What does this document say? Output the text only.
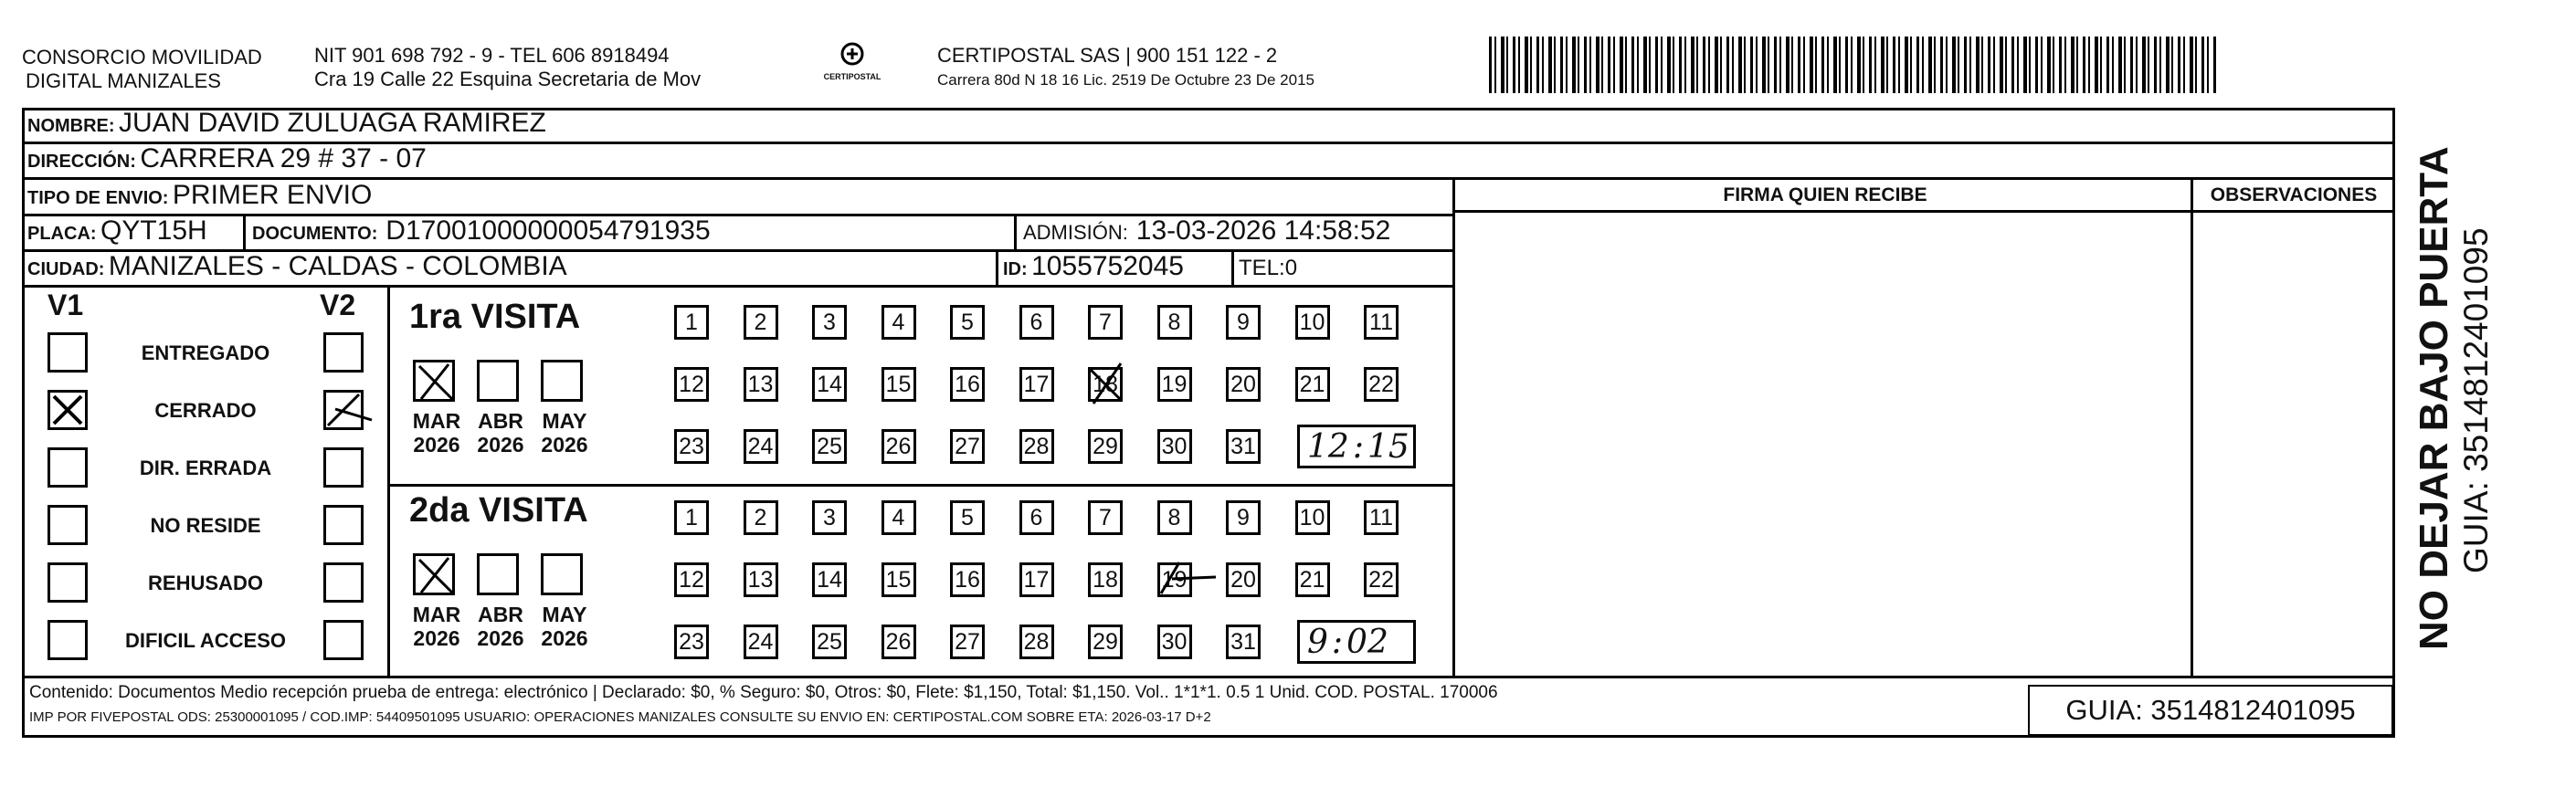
CONSORCIO MOVILIDAD
DIGITAL MANIZALES
NIT 901 698 792 - 9 - TEL 606 8918494
Cra 19 Calle 22 Esquina Secretaria de Mov	CERTIPOSTAL
CERTIPOSTAL SAS | 900 151 122 - 2
Carrera 80d N 18 16 Lic. 2519 De Octubre 23 De 2015
NOMBRE: JUAN DAVID ZULUAGA RAMIREZ
DIRECCIÓN: CARRERA 29 # 37 - 07
TIPO DE ENVIO: PRIMER ENVIO	FIRMA QUIEN RECIBE	OBSERVACIONES
PLACA: QYT15H DOCUMENTO: D17001000000054791935	ADMISIÓN: 13-03-2026 14:58:52
CIUDAD: MANIZALES - CALDAS - COLOMBIA	ID: 1055752045	TEL:0
V1	V2
ENTREGADO
CERRADO
DIR. ERRADA
NO RESIDE
REHUSADO
DIFICIL ACCESO
1ra VISITA
2da VISITA
MAR
2026
ABR
2026
MAY
2026
MAR
2026
ABR
2026
MAY
2026
1	2	3	4	5	6	7	8	9	10 11
12 13 14 15 16 17 18 19 20 21 22
23 24 25 26 27 28 29 30 31 12 : 15
1	2	3	4	5	6	7	8	9	10 11
12 13 14 15 16 17 18 19 20 21 22
23 24 25 26 27 28 29 30 31 9 : 02
Contenido: Documentos Medio recepción prueba de entrega: electrónico | Declarado: $0, % Seguro: $0, Otros: $0, Flete: $1,150, Total: $1,150. Vol.. 1*1*1. 0.5 1 Unid. COD. POSTAL. 170006
IMP POR FIVEPOSTAL ODS: 25300001095 / COD.IMP: 54409501095 USUARIO: OPERACIONES MANIZALES CONSULTE SU ENVIO EN: CERTIPOSTAL.COM SOBRE ETA: 2026-03-17 D+2	GUIA: 3514812401095
NO DEJAR BAJO PUERTA GUIA: 3514812401095
